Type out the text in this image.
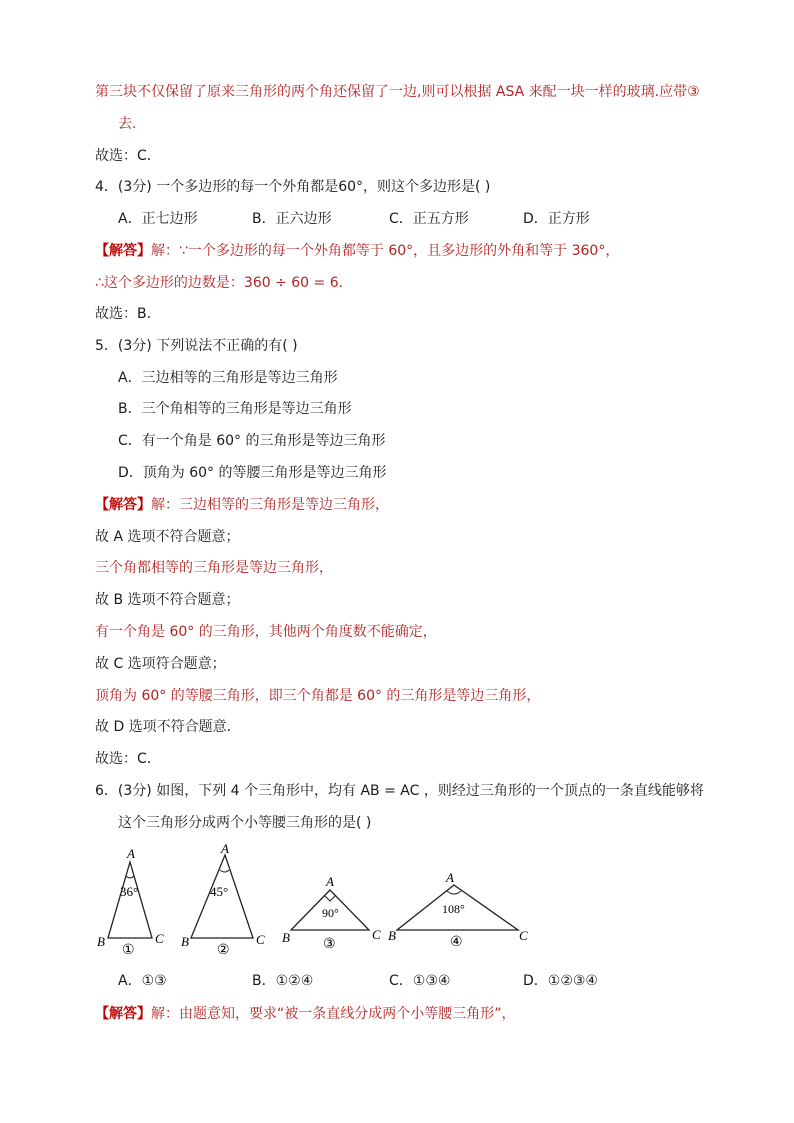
第三块不仅保留了原来三角形的两个角还保留了一边,则可以根据 ASA 来配一块一样的玻璃.应带③
去.
故选：C．
4．(3分) 一个多边形的每一个外角都是60°，则这个多边形是( )
A．正七边形	B．正六边形	C．正五方形	D．正方形
【解答】解：∵一个多边形的每一个外角都等于 60°，且多边形的外角和等于 360°，
∴这个多边形的边数是：360 ÷ 60 = 6．
故选：B．
5．(3分) 下列说法不正确的有( )
A．三边相等的三角形是等边三角形
B．三个角相等的三角形是等边三角形
C．有一个角是 60° 的三角形是等边三角形
D．顶角为 60° 的等腰三角形是等边三角形
【解答】解：三边相等的三角形是等边三角形，
故 A 选项不符合题意；
三个角都相等的三角形是等边三角形，
故 B 选项不符合题意；
有一个角是 60° 的三角形，其他两个角度数不能确定，
故 C 选项符合题意；
顶角为 60° 的等腰三角形，即三个角都是 60° 的三角形是等边三角形，
故 D 选项不符合题意．
故选：C．
6．(3分) 如图，下列 4 个三角形中，均有 AB = AC ，则经过三角形的一个顶点的一条直线能够将
这个三角形分成两个小等腰三角形的是( )
A
B	C
36°
①
A
B	C
45°
②
A
B	C
90°
③
A
B	C
108°
④
A．①③	B．①②④	C．①③④	D．①②③④
【解答】解：由题意知，要求“被一条直线分成两个小等腰三角形”，
